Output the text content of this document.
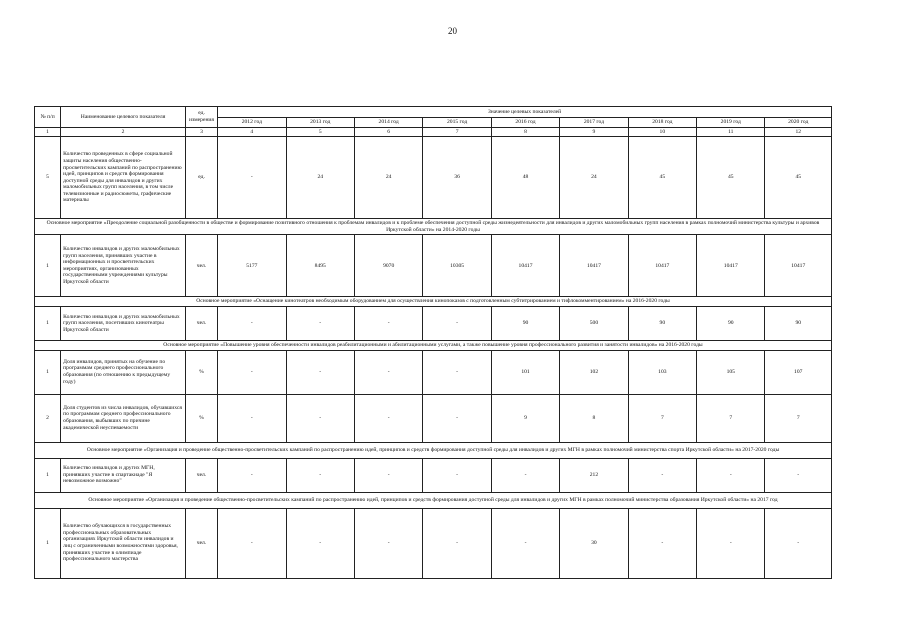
20
№ п/п	Наименование целевого показателя	ед. измерения	Значение целевых показателей								
			2012 год	2013 год	2014 год	2015 год	2016 год	2017 год	2018 год	2019 год	2020 год
1	2	3	4	5	6	7	8	9	10	11	12
5	Количество проведенных в сфере социальной защиты населения общественно-просветительских кампаний по распространению идей, принципов и средств формирования доступной среды для инвалидов и других маломобильных групп населения, в том числе телевизионные и радиосюжеты, графические материалы	ед.	-	24	24	36	48	24	45	45	45
Основное мероприятие «Преодоление социальной разобщенности в обществе и формирование позитивного отношения к проблемам инвалидов и к проблеме обеспечения доступной среды жизнедеятельности для инвалидов и других маломобильных групп населения в рамках полномочий министерства культуры и архивов Иркутской области» на 2014-2020 годы											
1	Количество инвалидов и других маломобильных групп населения, принявших участие в информационных и просветительских мероприятиях, организованных государственными учреждениями культуры Иркутской области	чел.	5177	8495	9070	10305	10417	10417	10417	10417	10417
Основное мероприятие «Оснащение кинотеатров необходимым оборудованием для осуществления кинопоказов с подготовленным субтитрированием и тифлокомментированием» на 2016-2020 годы											
1	Количество инвалидов и других маломобильных групп населения, посетивших кинотеатры Иркутской области	чел.	-	-	-	-	90	500	90	90	90
Основное мероприятие «Повышение уровня обеспеченности инвалидов реабилитационными и абилитационными услугами, а также повышение уровня профессионального развития и занятости инвалидов» на 2016-2020 годы											
1	Доля инвалидов, принятых на обучение по программам среднего профессионального образования (по отношению к предыдущему году)	%	-	-	-	-	101	102	103	105	107
2	Доля студентов из числа инвалидов, обучавшихся по программам среднего профессионального образования, выбывших по причине академической неуспеваемости	%	-	-	-	-	9	8	7	7	7
Основное мероприятие «Организация и проведение общественно-просветительских кампаний по распространению идей, принципов и средств формирования доступной среды для инвалидов и других МГН в рамках полномочий министерства спорта Иркутской области» на 2017-2020 годы											
1	Количество инвалидов и других МГН, принявших участие в спартакиаде "Я невозможное возможно"	чел.	-	-	-	-	-	212	-	-	-
Основное мероприятие «Организация и проведение общественно-просветительских кампаний по распространению идей, принципов и средств формирования доступной среды для инвалидов и других МГН в рамках полномочий министерства образования Иркутской области» на 2017 год											
1	Количество обучающихся в государственных профессиональных образовательных организациях Иркутской области инвалидов и лиц с ограниченными возможностями здоровья, принявших участие в олимпиаде профессионального мастерства	чел.	-	-	-	-	-	30	-	-	-
